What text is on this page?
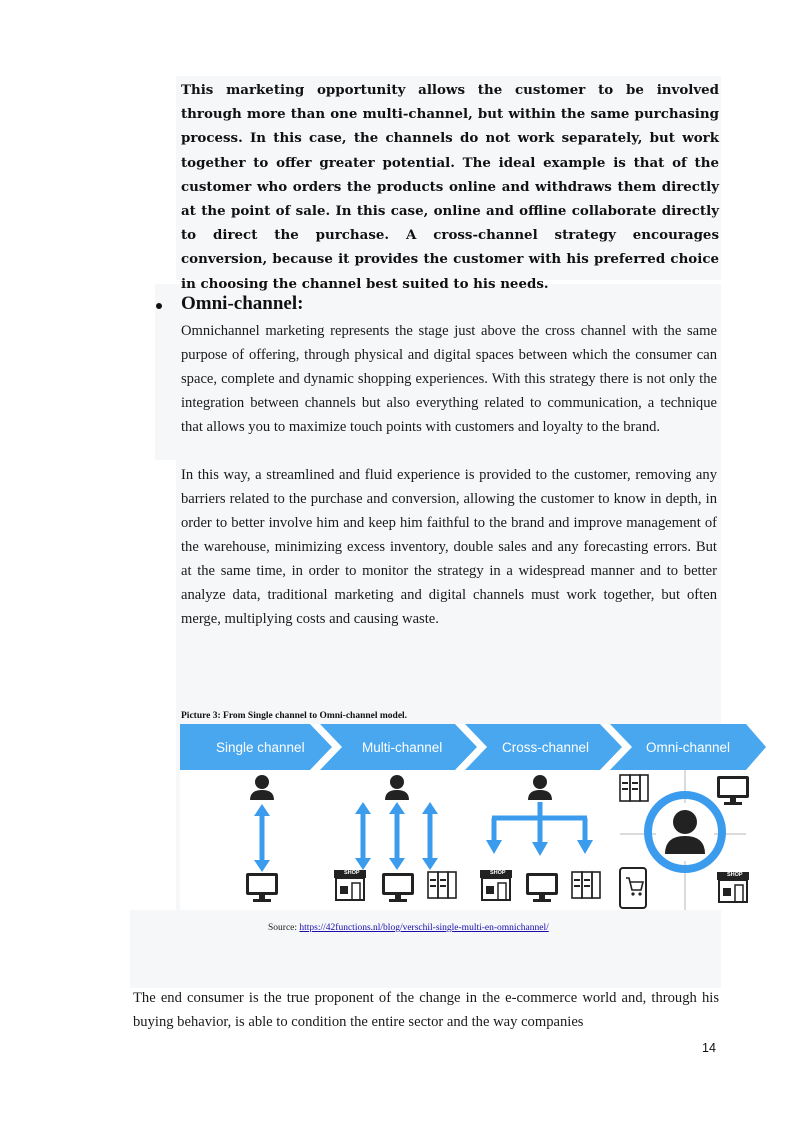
This marketing opportunity allows the customer to be involved through more than one multi-channel, but within the same purchasing process. In this case, the channels do not work separately, but work together to offer greater potential. The ideal example is that of the customer who orders the products online and withdraws them directly at the point of sale. In this case, online and offline collaborate directly to direct the purchase. A cross-channel strategy encourages conversion, because it provides the customer with his preferred choice in choosing the channel best suited to his needs.

Omni-channel:

Omnichannel marketing represents the stage just above the cross channel with the same purpose of offering, through physical and digital spaces between which the consumer can space, complete and dynamic shopping experiences. With this strategy there is not only the integration between channels but also everything related to communication, a technique that allows you to maximize touch points with customers and loyalty to the brand.

In this way, a streamlined and fluid experience is provided to the customer, removing any barriers related to the purchase and conversion, allowing the customer to know in depth, in order to better involve him and keep him faithful to the brand and improve management of the warehouse, minimizing excess inventory, double sales and any forecasting errors. But at the same time, in order to monitor the strategy in a widespread manner and to better analyze data, traditional marketing and digital channels must work together, but often merge, multiplying costs and causing waste.

Picture 3: From Single channel to Omni-channel model.
Single channel	Multi-channel	Cross-channel	Omni-channel
SHOP	SHOP	SHOP
Source: https://42functions.nl/blog/verschil-single-multi-en-omnichannel/

The end consumer is the true proponent of the change in the e-commerce world and, through his buying behavior, is able to condition the entire sector and the way companies

14
